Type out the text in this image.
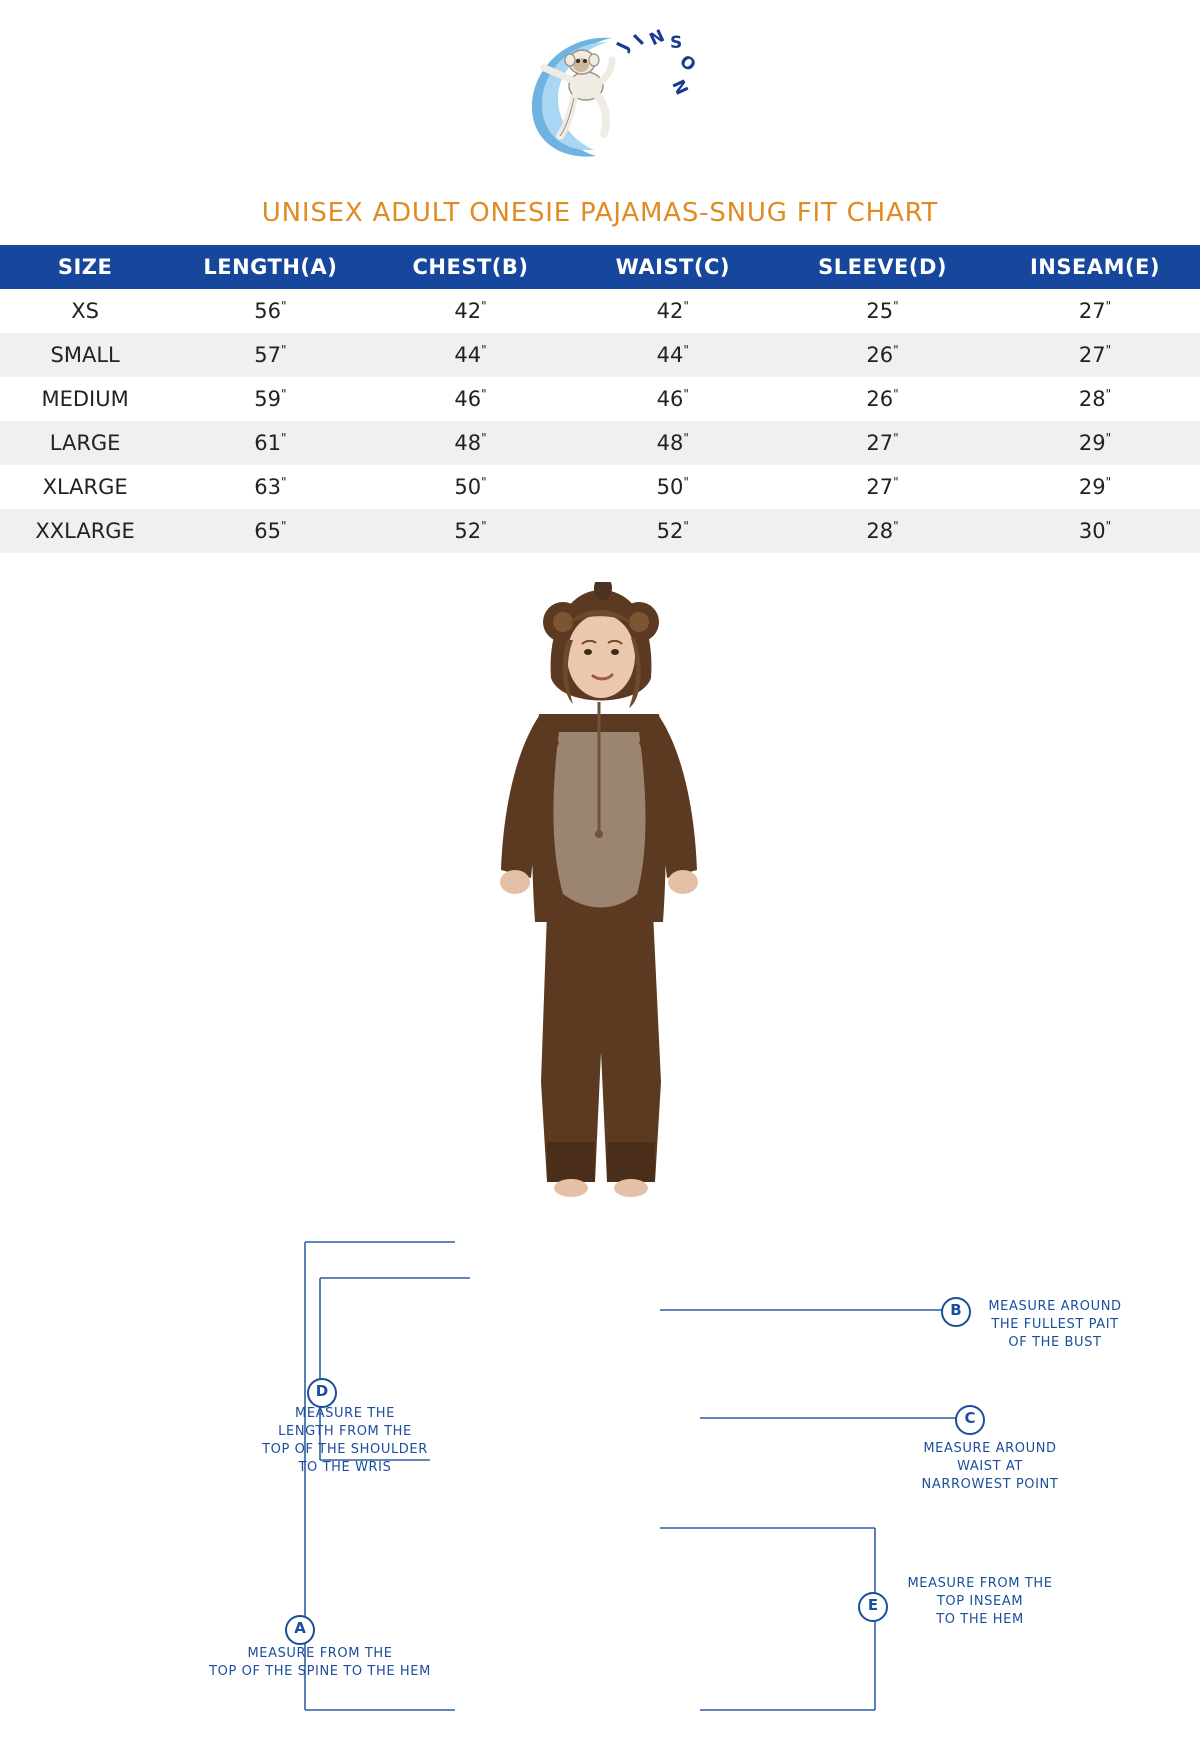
J
I
N S
O
N
UNISEX ADULT ONESIE PAJAMAS-SNUG FIT CHART
SIZE	LENGTH(A)	CHEST(B)	WAIST(C)	SLEEVE(D)	INSEAM(E)
XS	56"	42"	42"	25"	27"
SMALL	57"	44"	44"	26"	27"
MEDIUM	59"	46"	46"	26"	28"
LARGE	61"	48"	48"	27"	29"
XLARGE	63"	50"	50"	27"	29"
XXLARGE	65"	52"	52"	28"	30"
D
MEASURE THE
LENGTH FROM THE
TOP OF THE SHOULDER
TO THE WRIS
B	MEASURE AROUND
THE FULLEST PAIT
OF THE BUST
C
MEASURE AROUND
WAIST AT
NARROWEST POINT
A
MEASURE FROM THE
TOP OF THE SPINE TO THE HEM
E
MEASURE FROM THE
TOP INSEAM
TO THE HEM
